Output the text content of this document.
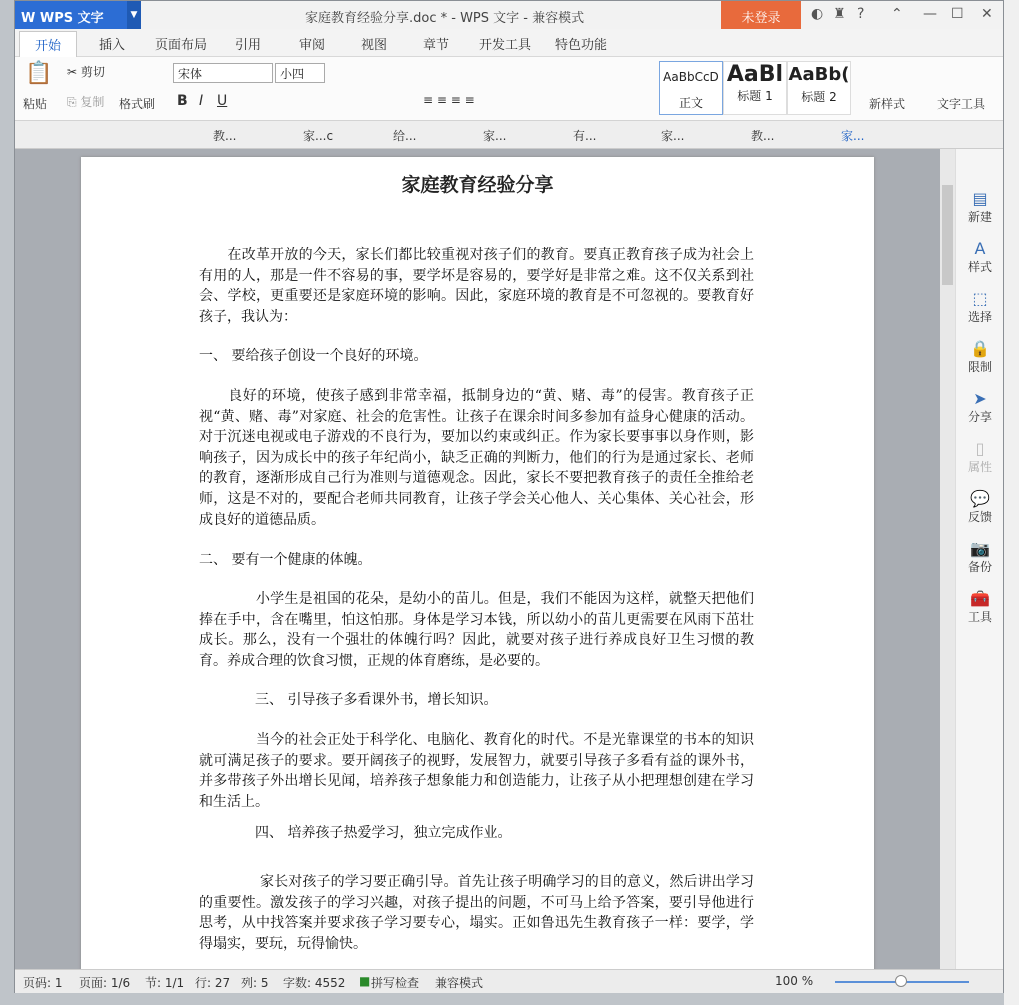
W WPS 文字	▼	家庭教育经验分享.doc * - WPS 文字 - 兼容模式	未登录	◐ ♜ ? ⌃ — ☐ ✕
开始	插入 页面布局 引用	审阅	视图	章节 开发工具 特色功能
📋
粘贴
✂ 剪切
⎘ 复制 格式刷
宋体	小四
B I U	≡ ≡ ≡ ≡
AaBbCcD
正文
AaBl
标题 1
AaBb(
标题 2	新样式	文字工具
教...	家...c	给...	家...	有...	家...	教...	家...
家庭教育经验分享
　　在改革开放的今天，家长们都比较重视对孩子们的教育。要真正教育孩子成为社会上有用的人，那是一件不容易的事，要学坏是容易的，要学好是非常之难。这不仅关系到社会、学校，更重要还是家庭环境的影响。因此，家庭环境的教育是不可忽视的。要教育好孩子，我认为：
一、 要给孩子创设一个良好的环境。
　　良好的环境，使孩子感到非常幸福，抵制身边的“黄、赌、毒”的侵害。教育孩子正视“黄、赌、毒”对家庭、社会的危害性。让孩子在课余时间多参加有益身心健康的活动。对于沉迷电视或电子游戏的不良行为，要加以约束或纠正。作为家长要事事以身作则，影响孩子，因为成长中的孩子年纪尚小，缺乏正确的判断力，他们的行为是通过家长、老师的教育，逐渐形成自己行为准则与道德观念。因此，家长不要把教育孩子的责任全推给老师，这是不对的，要配合老师共同教育，让孩子学会关心他人、关心集体、关心社会，形成良好的道德品质。
二、 要有一个健康的体魄。
　　　　小学生是祖国的花朵，是幼小的苗儿。但是，我们不能因为这样，就整天把他们捧在手中，含在嘴里，怕这怕那。身体是学习本钱，所以幼小的苗儿更需要在风雨下茁壮成长。那么，没有一个强壮的体魄行吗？因此，就要对孩子进行养成良好卫生习惯的教育。养成合理的饮食习惯，正规的体育磨练，是必要的。
　　　　三、 引导孩子多看课外书，增长知识。
　　　　当今的社会正处于科学化、电脑化、教育化的时代。不是光靠课堂的书本的知识就可满足孩子的要求。要开阔孩子的视野，发展智力，就要引导孩子多看有益的课外书，并多带孩子外出增长见闻，培养孩子想象能力和创造能力，让孩子从小把理想创建在学习和生活上。
　　　　四、 培养孩子热爱学习，独立完成作业。
　　　　 家长对孩子的学习要正确引导。首先让孩子明确学习的目的意义，然后讲出学习的重要性。激发孩子的学习兴趣，对孩子提出的问题，不可马上给予答案，要引导他进行思考，从中找答案并要求孩子学习要专心，塌实。正如鲁迅先生教育孩子一样：要学，学得塌实，要玩，玩得愉快。
▤
新建
A
样式
⬚
选择
🔒
限制
➤
分享
▯
属性
💬
反馈
📷
备份
🧰
工具
页码: 1 页面: 1/6 节: 1/1 行: 27 列: 5 字数: 4552 ■ 拼写检查 兼容模式	100 %
